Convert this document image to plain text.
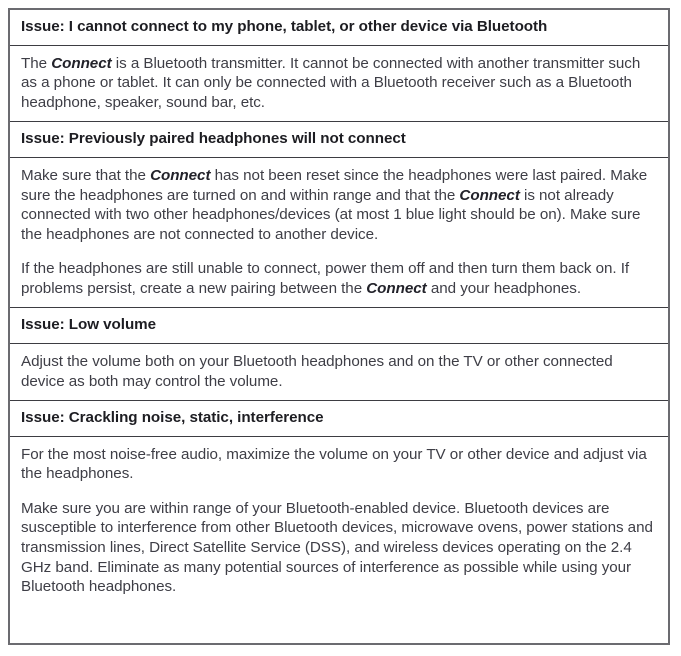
Issue: I cannot connect to my phone, tablet, or other device via Bluetooth

The Connect is a Bluetooth transmitter. It cannot be connected with another transmitter such as a phone or tablet. It can only be connected with a Bluetooth receiver such as a Bluetooth headphone, speaker, sound bar, etc.

Issue: Previously paired headphones will not connect

Make sure that the Connect has not been reset since the headphones were last paired. Make sure the headphones are turned on and within range and that the Connect is not already connected with two other headphones/devices (at most 1 blue light should be on). Make sure the headphones are not connected to another device.

If the headphones are still unable to connect, power them off and then turn them back on. If problems persist, create a new pairing between the Connect and your headphones.

Issue: Low volume

Adjust the volume both on your Bluetooth headphones and on the TV or other connected device as both may control the volume.

Issue: Crackling noise, static, interference

For the most noise-free audio, maximize the volume on your TV or other device and adjust via the headphones.

Make sure you are within range of your Bluetooth-enabled device. Bluetooth devices are susceptible to interference from other Bluetooth devices, microwave ovens, power stations and transmission lines, Direct Satellite Service (DSS), and wireless devices operating on the 2.4 GHz band. Eliminate as many potential sources of interference as possible while using your Bluetooth headphones.
